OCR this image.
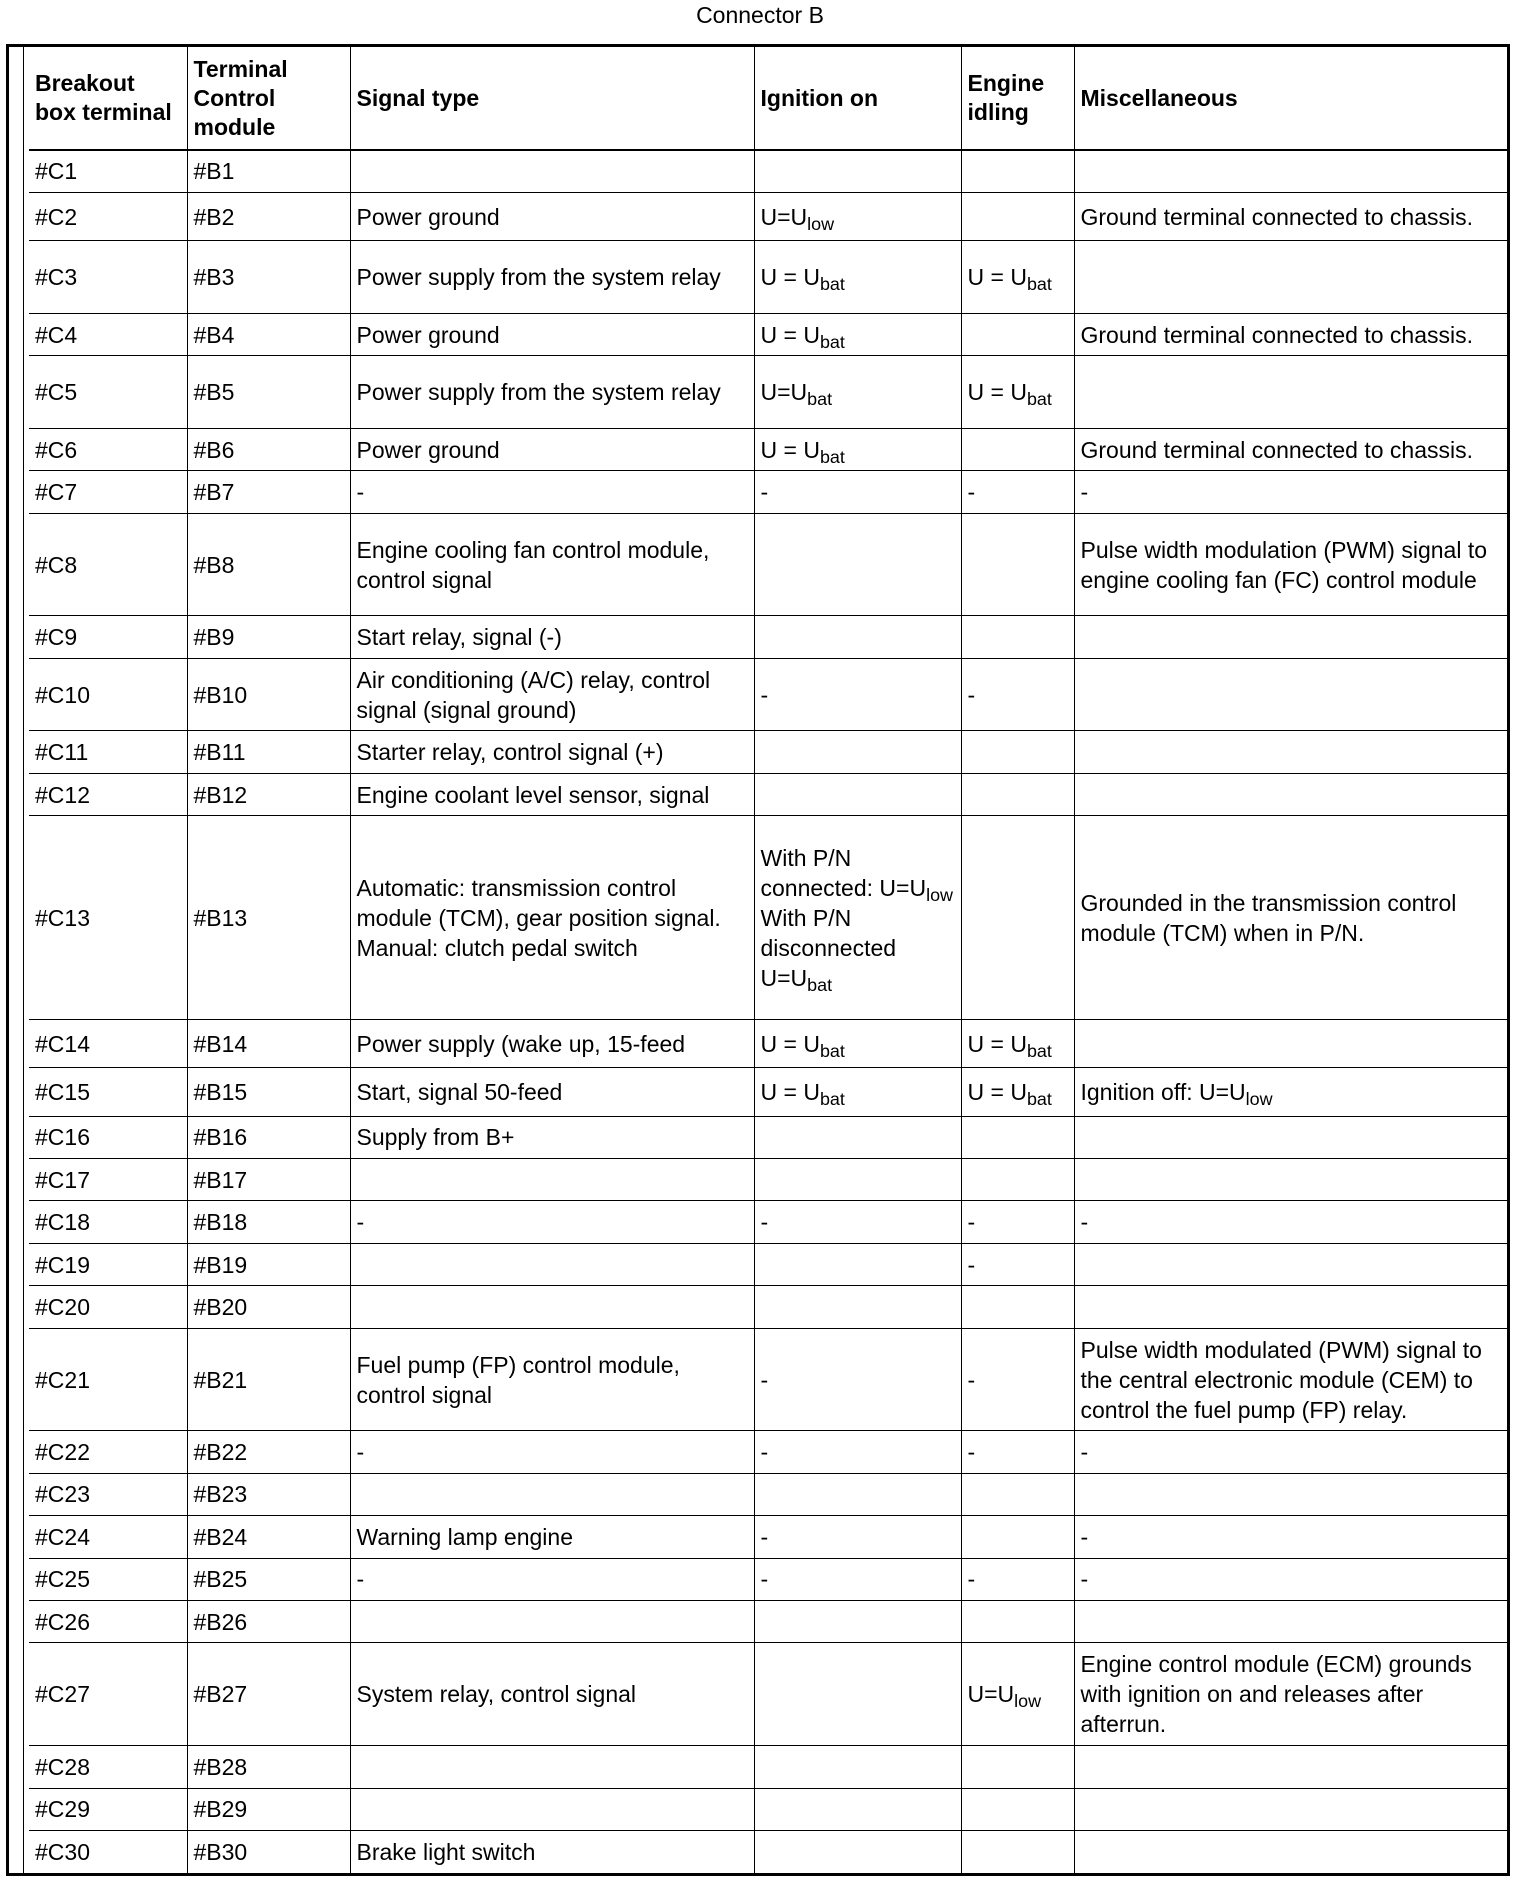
Connector B
Breakout box terminal	Terminal Control module	Signal type	Ignition on	Engine idling	Miscellaneous
#C1	#B1				
#C2	#B2	Power ground	$U=U_{low}$		Ground terminal connected to chassis.
#C3	#B3	Power supply from the system relay	$U = U_{bat}$	$U = U_{bat}$	
#C4	#B4	Power ground	$U = U_{bat}$		Ground terminal connected to chassis.
#C5	#B5	Power supply from the system relay	$U=U_{bat}$	$U = U_{bat}$	
#C6	#B6	Power ground	$U = U_{bat}$		Ground terminal connected to chassis.
#C7	#B7	-	-	-	-
#C8	#B8	Engine cooling fan control module, control signal			Pulse width modulation (PWM) signal to engine cooling fan (FC) control module
#C9	#B9	Start relay, signal (-)			
#C10	#B10	Air conditioning (A/C) relay, control signal (signal ground)	-	-	
#C11	#B11	Starter relay, control signal (+)			
#C12	#B12	Engine coolant level sensor, signal			
#C13	#B13	Automatic: transmission control module (TCM), gear position signal. Manual: clutch pedal switch	With P/N connected: $U=U_{low}$ With P/N disconnected $U=U_{bat}$		Grounded in the transmission control module (TCM) when in P/N.
#C14	#B14	Power supply (wake up, 15-feed	$U = U_{bat}$	$U = U_{bat}$	
#C15	#B15	Start, signal 50-feed	$U = U_{bat}$	$U = U_{bat}$	Ignition off: $U=U_{low}$
#C16	#B16	Supply from B+			
#C17	#B17				
#C18	#B18	-	-	-	-
#C19	#B19			-	
#C20	#B20				
#C21	#B21	Fuel pump (FP) control module, control signal	-	-	Pulse width modulated (PWM) signal to the central electronic module (CEM) to control the fuel pump (FP) relay.
#C22	#B22	-	-	-	-
#C23	#B23				
#C24	#B24	Warning lamp engine	-		-
#C25	#B25	-	-	-	-
#C26	#B26				
#C27	#B27	System relay, control signal		$U=U_{low}$	Engine control module (ECM) grounds with ignition on and releases after afterrun.
#C28	#B28				
#C29	#B29				
#C30	#B30	Brake light switch			
